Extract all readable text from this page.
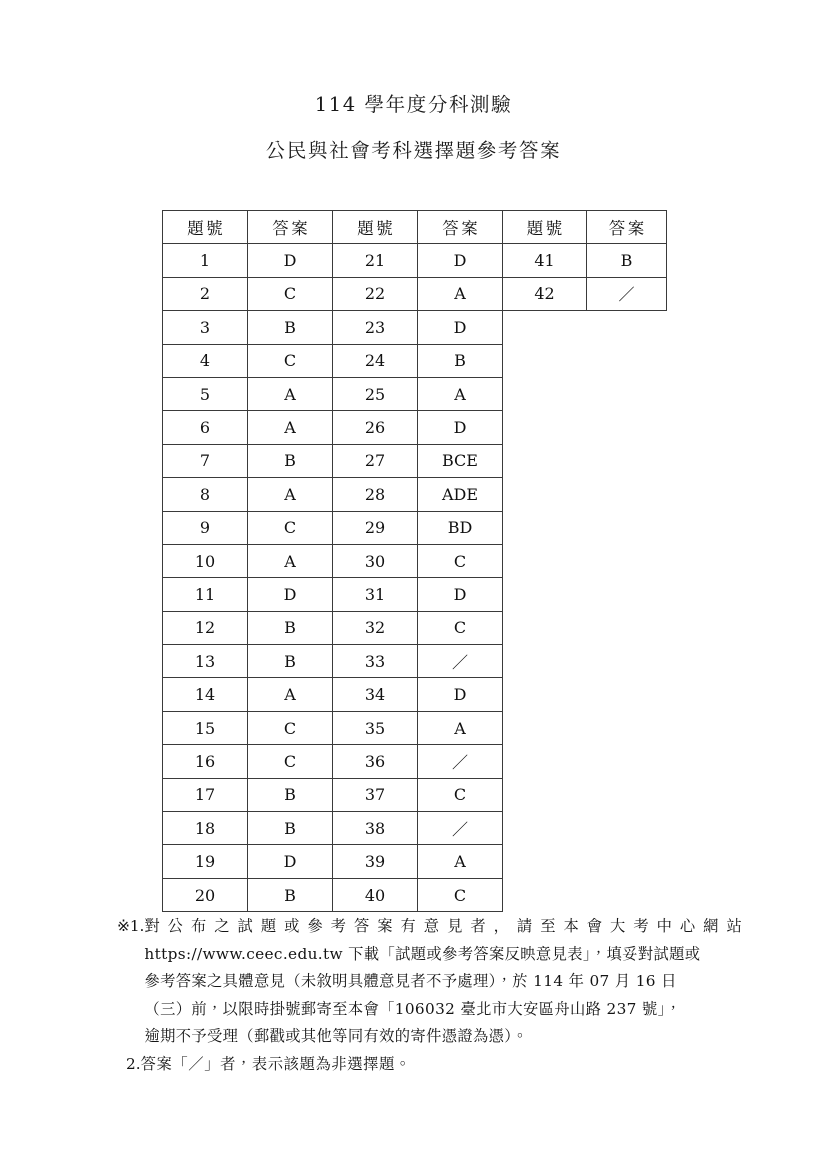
114 學年度分科測驗
公民與社會考科選擇題參考答案
題號	答案	題號	答案	題號	答案
1	D	21	D	41	B
2	C	22	A	42	／
3	B	23	D		
4	C	24	B		
5	A	25	A		
6	A	26	D		
7	B	27	BCE		
8	A	28	ADE		
9	C	29	BD		
10	A	30	C		
11	D	31	D		
12	B	32	C		
13	B	33	／		
14	A	34	D		
15	C	35	A		
16	C	36	／		
17	B	37	C		
18	B	38	／		
19	D	39	A		
20	B	40	C		
※1. 對 公 布 之 試 題 或 參 考 答 案 有 意 見 者 ， 請 至 本 會 大 考 中 心 網 站
https://www.ceec.edu.tw 下載「試題或參考答案反映意見表」，填妥對試題或 參考答案之具體意見（未敘明具體意見者不予處理），於 114 年 07 月 16 日 （三）前，以限時掛號郵寄至本會「106032 臺北市大安區舟山路 237 號」， 逾期不予受理（郵戳或其他等同有效的寄件憑證為憑）。
2. 答案「／」者，表示該題為非選擇題。
